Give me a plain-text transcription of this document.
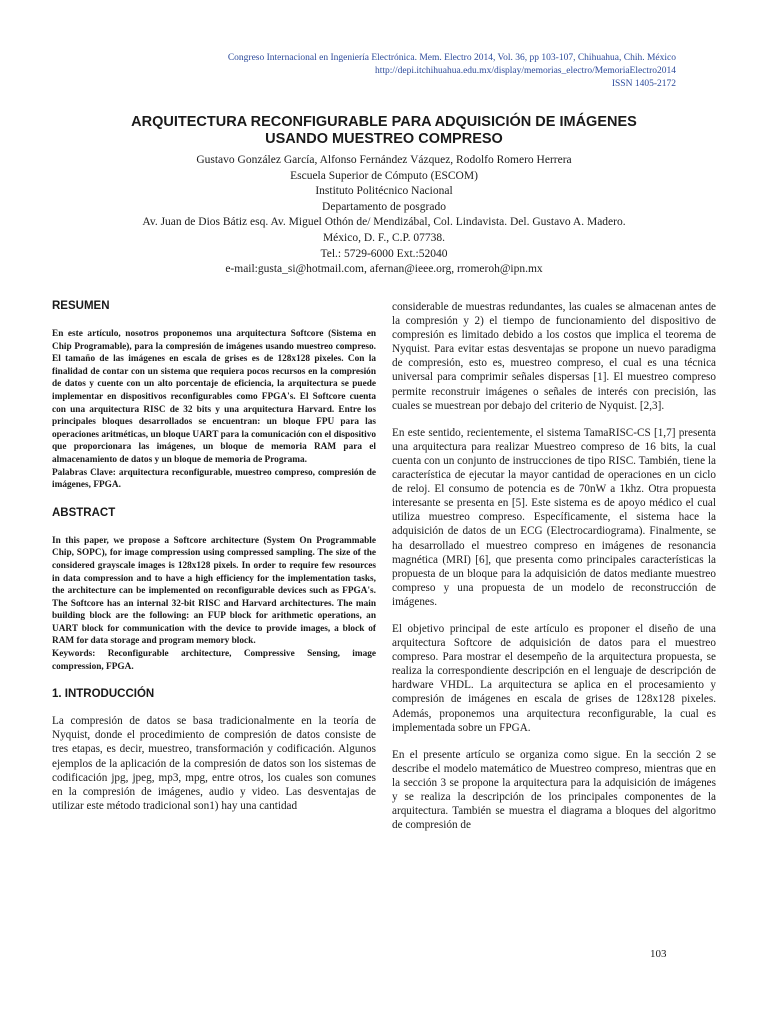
Congreso Internacional en Ingeniería Electrónica. Mem. Electro 2014, Vol. 36, pp 103-107, Chihuahua, Chih. México
http://depi.itchihuahua.edu.mx/display/memorias_electro/MemoriaElectro2014
ISSN 1405-2172
ARQUITECTURA RECONFIGURABLE PARA ADQUISICIÓN DE IMÁGENES
USANDO MUESTREO COMPRESO
Gustavo González García, Alfonso Fernández Vázquez, Rodolfo Romero Herrera
Escuela Superior de Cómputo (ESCOM)
Instituto Politécnico Nacional
Departamento de posgrado
Av. Juan de Dios Bátiz esq. Av. Miguel Othón de/ Mendizábal, Col. Lindavista. Del. Gustavo A. Madero.
México, D. F., C.P. 07738.
Tel.: 5729-6000 Ext.:52040
e-mail:gusta_si@hotmail.com, afernan@ieee.org, rromeroh@ipn.mx
RESUMEN

En este artículo, nosotros proponemos una arquitectura Softcore (Sistema en Chip Programable), para la compresión de imágenes usando muestreo compreso. El tamaño de las imágenes en escala de grises es de 128x128 pixeles. Con la finalidad de contar con un sistema que requiera pocos recursos en la compresión de datos y cuente con un alto porcentaje de eficiencia, la arquitectura se puede implementar en dispositivos reconfigurables como FPGA's. El Softcore cuenta con una arquitectura RISC de 32 bits y una arquitectura Harvard. Entre los principales bloques desarrollados se encuentran: un bloque FPU para las operaciones aritméticas, un bloque UART para la comunicación con el dispositivo que proporcionara las imágenes, un bloque de memoria RAM para el almacenamiento de datos y un bloque de memoria de Programa.

Palabras Clave: arquitectura reconfigurable, muestreo compreso, compresión de imágenes, FPGA.

ABSTRACT

In this paper, we propose a Softcore architecture (System On Programmable Chip, SOPC), for image compression using compressed sampling. The size of the considered grayscale images is 128x128 pixels. In order to require few resources in data compression and to have a high efficiency for the implementation tasks, the architecture can be implemented on reconfigurable devices such as FPGA's. The Softcore has an internal 32-bit RISC and Harvard architectures. The main building block are the following: an FUP block for arithmetic operations, an UART block for communication with the device to provide images, a block of RAM for data storage and program memory block.

Keywords: Reconfigurable architecture, Compressive Sensing, image compression, FPGA.

1. INTRODUCCIÓN

La compresión de datos se basa tradicionalmente en la teoría de Nyquist, donde el procedimiento de compresión de datos consiste de tres etapas, es decir, muestreo, transformación y codificación. Algunos ejemplos de la aplicación de la compresión de datos son los sistemas de codificación jpg, jpeg, mp3, mpg, entre otros, los cuales son comunes en la compresión de imágenes, audio y video. Las desventajas de utilizar este método tradicional son1) hay una cantidad

considerable de muestras redundantes, las cuales se almacenan antes de la compresión y 2) el tiempo de funcionamiento del dispositivo de compresión es limitado debido a los costos que implica el teorema de Nyquist. Para evitar estas desventajas se propone un nuevo paradigma de compresión, esto es, muestreo compreso, el cual es una técnica universal para comprimir señales dispersas [1]. El muestreo compreso permite reconstruir imágenes o señales de interés con precisión, las cuales se muestrean por debajo del criterio de Nyquist. [2,3].

En este sentido, recientemente, el sistema TamaRISC-CS [1,7] presenta una arquitectura para realizar Muestreo compreso de 16 bits, la cual cuenta con un conjunto de instrucciones de tipo RISC. También, tiene la característica de ejecutar la mayor cantidad de operaciones en un ciclo de reloj. El consumo de potencia es de 70nW a 1khz. Otra propuesta interesante se presenta en [5]. Este sistema es de apoyo médico el cual utiliza muestreo compreso. Específicamente, el sistema hace la adquisición de datos de un ECG (Electrocardiograma). Finalmente, se ha desarrollado el muestreo compreso en imágenes de resonancia magnética (MRI) [6], que presenta como principales características la propuesta de un bloque para la adquisición de datos mediante muestreo compreso y una propuesta de un modelo de reconstrucción de imágenes.

El objetivo principal de este artículo es proponer el diseño de una arquitectura Softcore de adquisición de datos para el muestreo compreso. Para mostrar el desempeño de la arquitectura propuesta, se realiza la correspondiente descripción en el lenguaje de descripción de hardware VHDL. La arquitectura se aplica en el procesamiento y compresión de imágenes en escala de grises de 128x128 pixeles. Además, proponemos una arquitectura reconfigurable, la cual es implementada sobre un FPGA.

En el presente artículo se organiza como sigue. En la sección 2 se describe el modelo matemático de Muestreo compreso, mientras que en la sección 3 se propone la arquitectura para la adquisición de imágenes y se realiza la descripción de los principales componentes de la arquitectura. También se muestra el diagrama a bloques del algoritmo de compresión de

103
